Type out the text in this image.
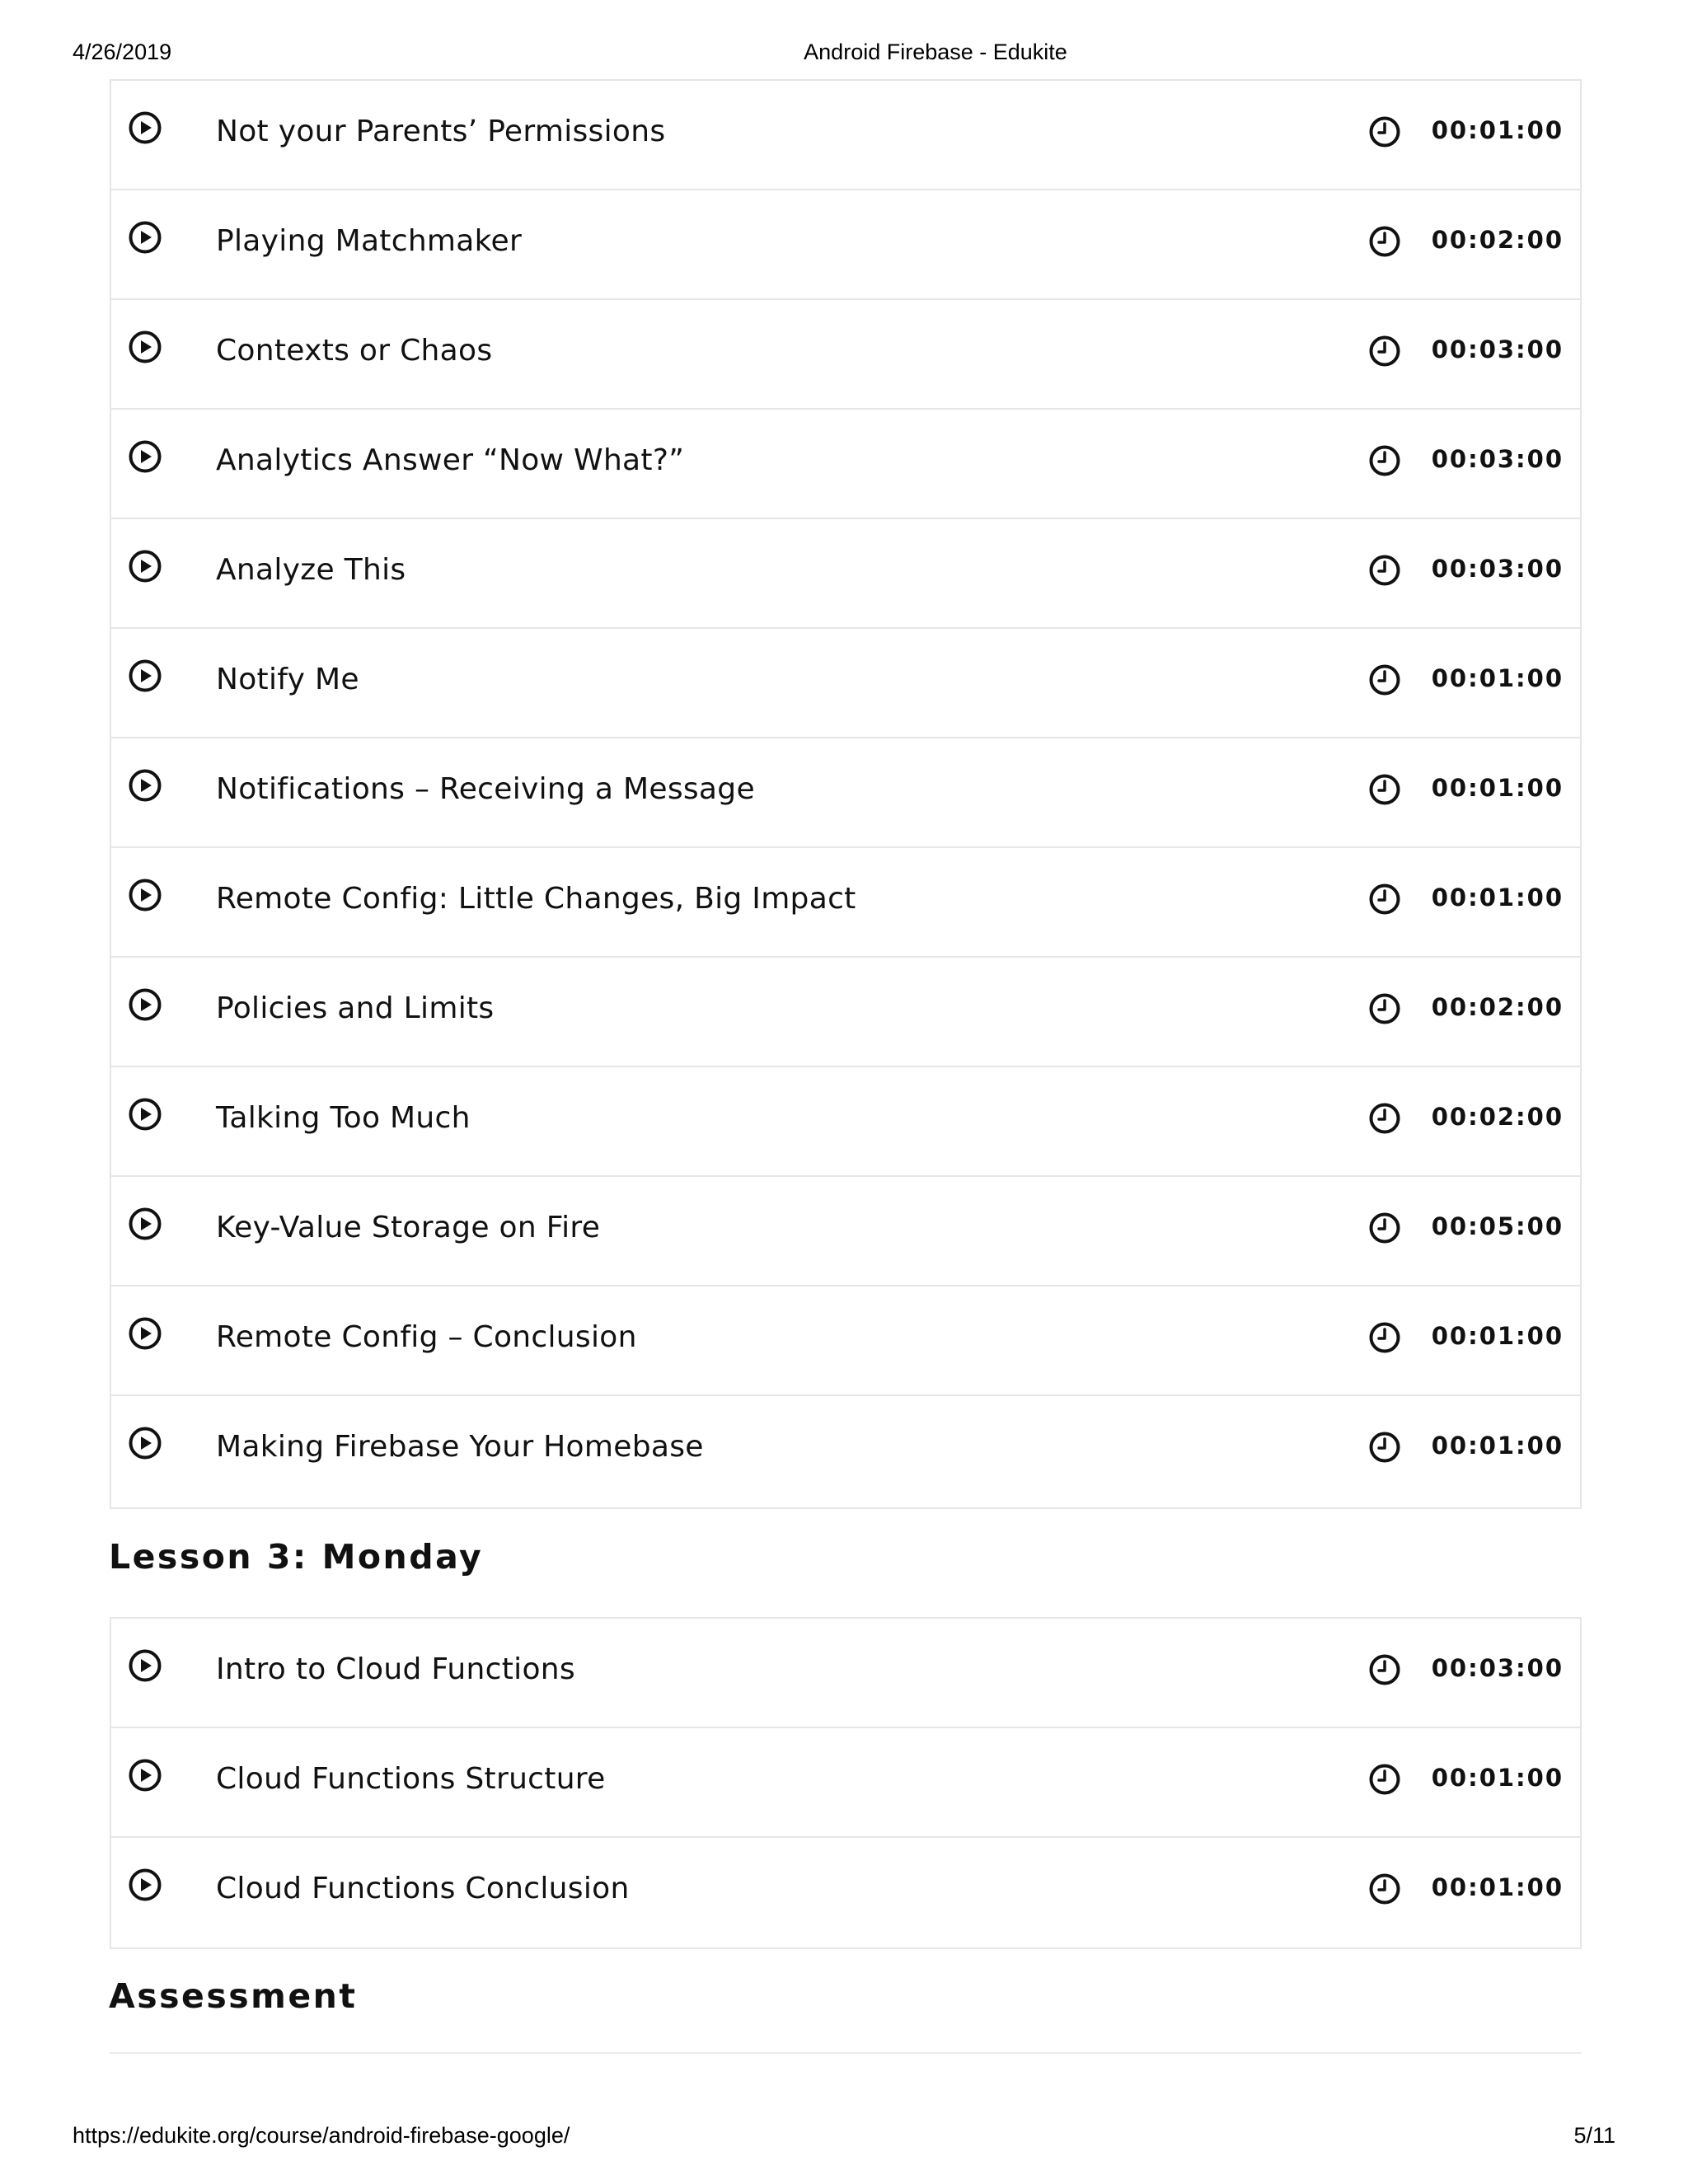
4/26/2019	Android Firebase - Edukite
Not your Parents’ Permissions	00:01:00
Playing Matchmaker	00:02:00
Contexts or Chaos	00:03:00
Analytics Answer “Now What?”	00:03:00
Analyze This	00:03:00
Notify Me	00:01:00
Notifications – Receiving a Message	00:01:00
Remote Config: Little Changes, Big Impact	00:01:00
Policies and Limits	00:02:00
Talking Too Much	00:02:00
Key-Value Storage on Fire	00:05:00
Remote Config – Conclusion	00:01:00
Making Firebase Your Homebase	00:01:00
Lesson 3: Monday
Intro to Cloud Functions	00:03:00
Cloud Functions Structure	00:01:00
Cloud Functions Conclusion	00:01:00
Assessment
https://edukite.org/course/android-firebase-google/	5/11
